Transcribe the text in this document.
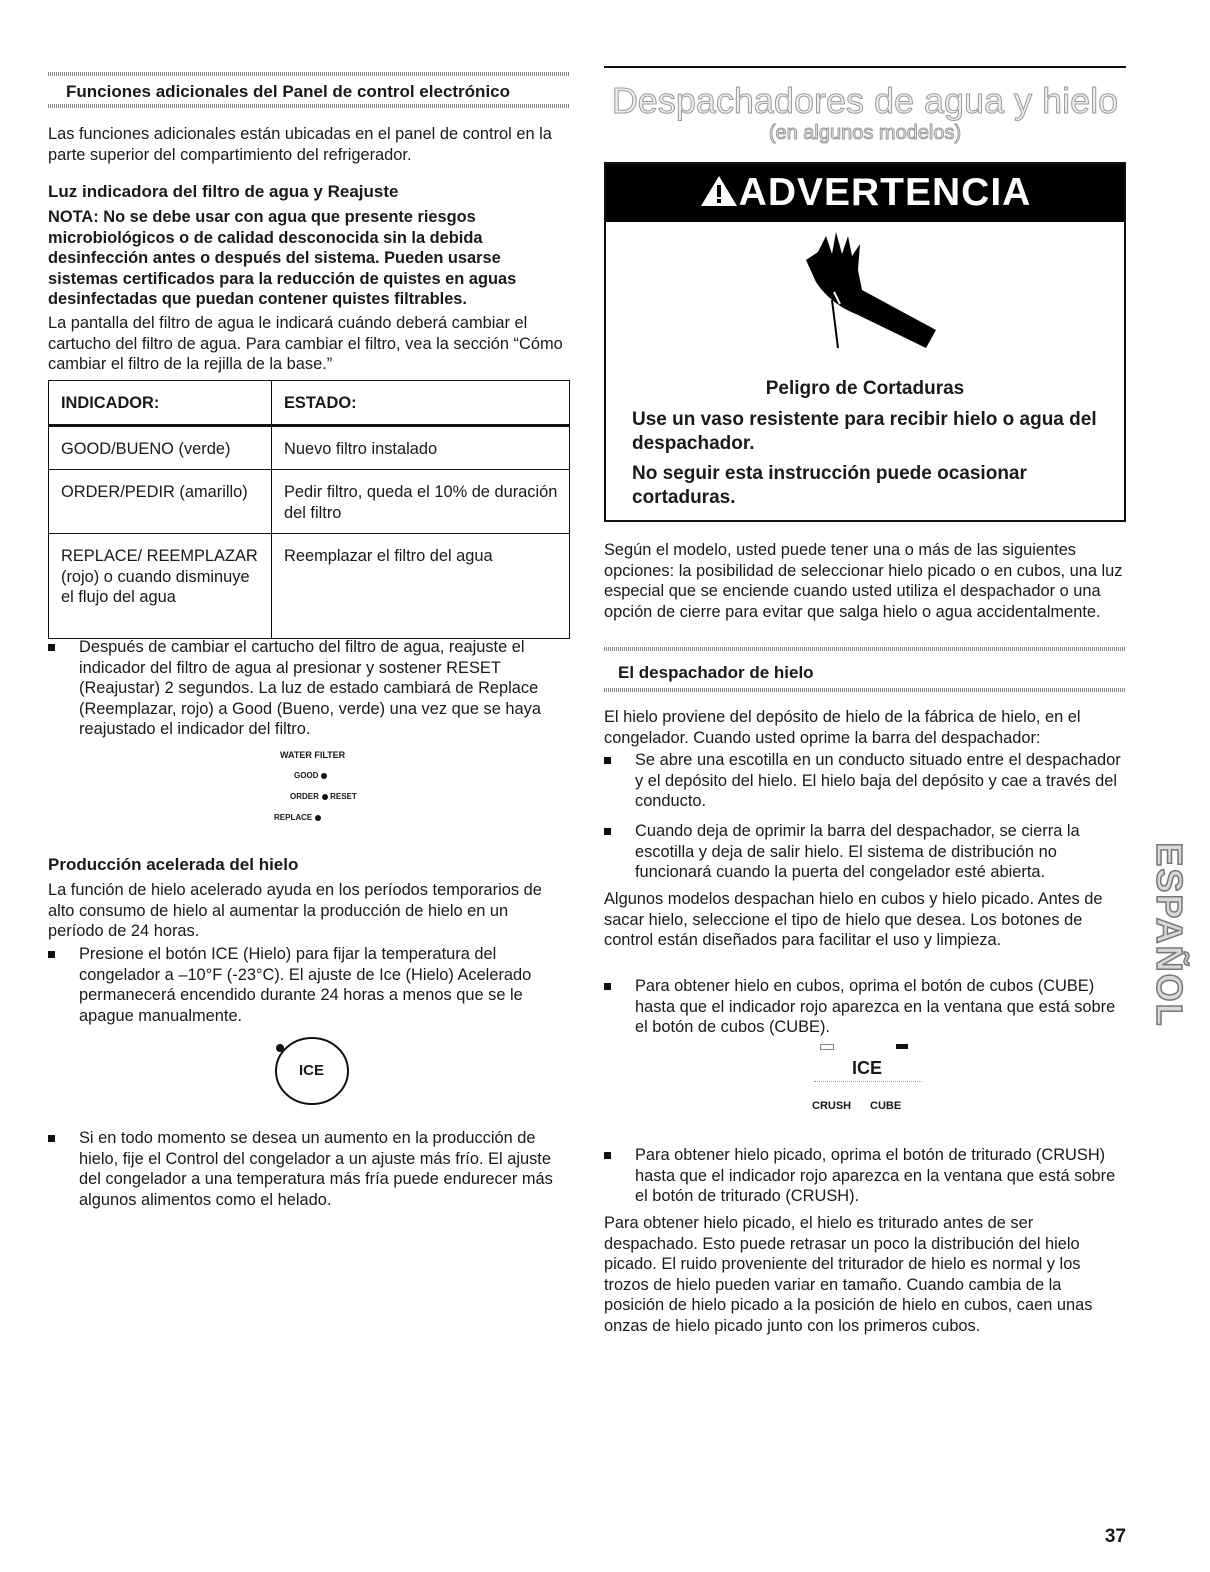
Funciones adicionales del Panel de control electrónico

Las funciones adicionales están ubicadas en el panel de control en la parte superior del compartimiento del refrigerador.

Luz indicadora del filtro de agua y Reajuste

NOTA: No se debe usar con agua que presente riesgos microbiológicos o de calidad desconocida sin la debida desinfección antes o después del sistema. Pueden usarse sistemas certificados para la reducción de quistes en aguas desinfectadas que puedan contener quistes filtrables.

La pantalla del filtro de agua le indicará cuándo deberá cambiar el cartucho del filtro de agua. Para cambiar el filtro, vea la sección “Cómo cambiar el filtro de la rejilla de la base.”

INDICADOR:	ESTADO:
GOOD/BUENO (verde)	Nuevo filtro instalado
ORDER/PEDIR (amarillo)	Pedir filtro, queda el 10% de duración del filtro
REPLACE/ REEMPLAZAR (rojo) o cuando disminuye el flujo del agua	Reemplazar el filtro del agua
Después de cambiar el cartucho del filtro de agua, reajuste el indicador del filtro de agua al presionar y sostener RESET (Reajustar) 2 segundos. La luz de estado cambiará de Replace (Reemplazar, rojo) a Good (Bueno, verde) una vez que se haya reajustado el indicador del filtro.
WATER FILTER
GOOD
ORDER RESET
REPLACE
Producción acelerada del hielo

La función de hielo acelerado ayuda en los períodos temporarios de alto consumo de hielo al aumentar la producción de hielo en un período de 24 horas.

Presione el botón ICE (Hielo) para fijar la temperatura del congelador a –10°F (-23°C). El ajuste de Ice (Hielo) Acelerado permanecerá encendido durante 24 horas a menos que se le apague manualmente.
ICE
Si en todo momento se desea un aumento en la producción de hielo, fije el Control del congelador a un ajuste más frío. El ajuste del congelador a una temperatura más fría puede endurecer más algunos alimentos como el helado.
Despachadores de agua y hielo
(en algunos modelos)
ADVERTENCIA
Peligro de Cortaduras
Use un vaso resistente para recibir hielo o agua del despachador.
No seguir esta instrucción puede ocasionar cortaduras.

Según el modelo, usted puede tener una o más de las siguientes opciones: la posibilidad de seleccionar hielo picado o en cubos, una luz especial que se enciende cuando usted utiliza el despachador o una opción de cierre para evitar que salga hielo o agua accidentalmente.

El despachador de hielo

El hielo proviene del depósito de hielo de la fábrica de hielo, en el congelador. Cuando usted oprime la barra del despachador:

Se abre una escotilla en un conducto situado entre el despachador y el depósito del hielo. El hielo baja del depósito y cae a través del conducto.
Cuando deja de oprimir la barra del despachador, se cierra la escotilla y deja de salir hielo. El sistema de distribución no funcionará cuando la puerta del congelador esté abierta.

Algunos modelos despachan hielo en cubos y hielo picado. Antes de sacar hielo, seleccione el tipo de hielo que desea. Los botones de control están diseñados para facilitar el uso y limpieza.

Para obtener hielo en cubos, oprima el botón de cubos (CUBE) hasta que el indicador rojo aparezca en la ventana que está sobre el botón de cubos (CUBE).
ICE
CRUSH CUBE
Para obtener hielo picado, oprima el botón de triturado (CRUSH) hasta que el indicador rojo aparezca en la ventana que está sobre el botón de triturado (CRUSH).

Para obtener hielo picado, el hielo es triturado antes de ser despachado. Esto puede retrasar un poco la distribución del hielo picado. El ruido proveniente del triturador de hielo es normal y los trozos de hielo pueden variar en tamaño. Cuando cambia de la posición de hielo picado a la posición de hielo en cubos, caen unas onzas de hielo picado junto con los primeros cubos.

ESPAÑOL
37
